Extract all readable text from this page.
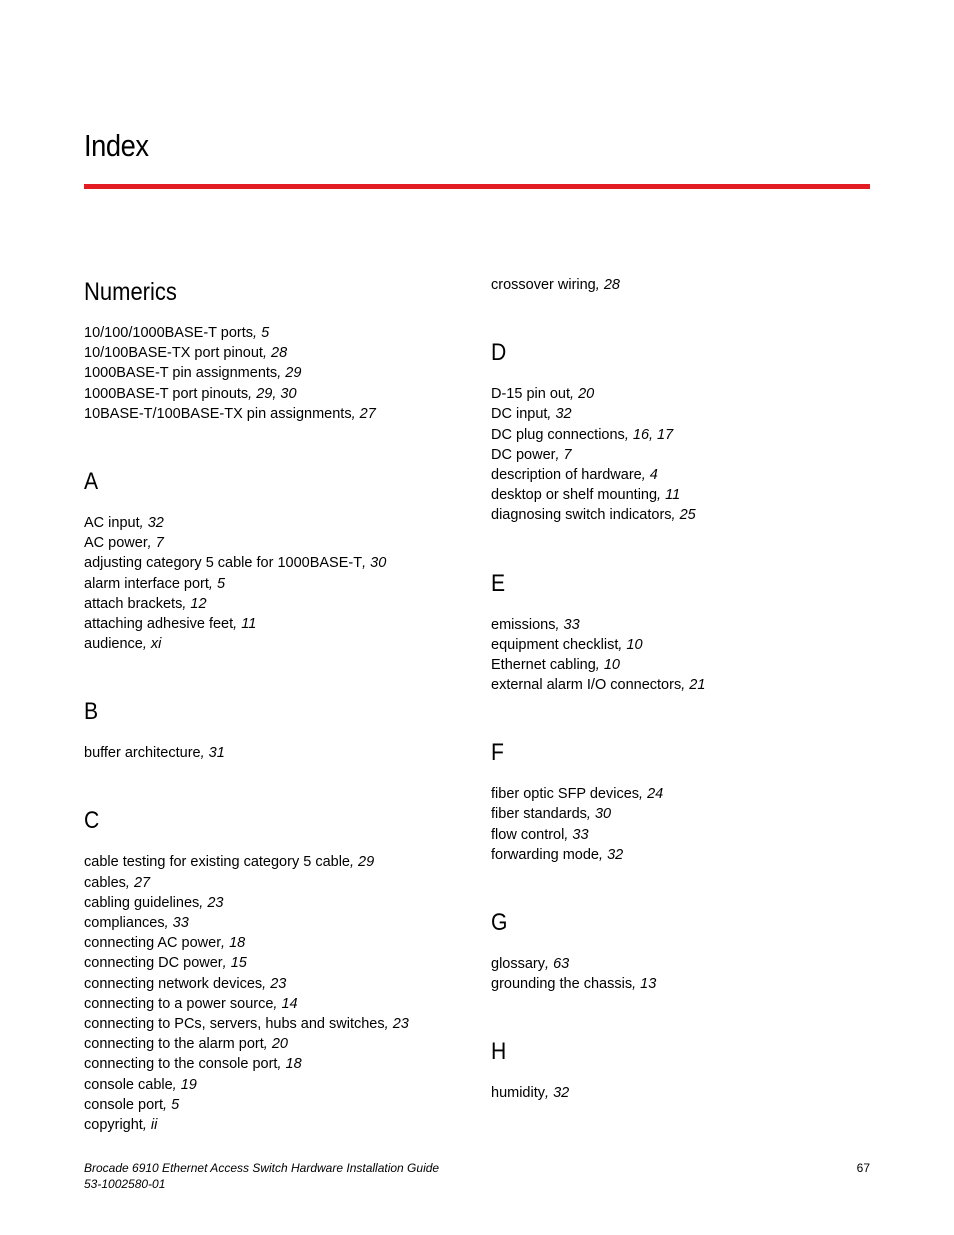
Index
Numerics
10/100/1000BASE-T ports, 5
10/100BASE-TX port pinout, 28
1000BASE-T pin assignments, 29
1000BASE-T port pinouts, 29, 30
10BASE-T/100BASE-TX pin assignments, 27
A
AC input, 32
AC power, 7
adjusting category 5 cable for 1000BASE-T, 30
alarm interface port, 5
attach brackets, 12
attaching adhesive feet, 11
audience, xi
B
buffer architecture, 31
C
cable testing for existing category 5 cable, 29
cables, 27
cabling guidelines, 23
compliances, 33
connecting AC power, 18
connecting DC power, 15
connecting network devices, 23
connecting to a power source, 14
connecting to PCs, servers, hubs and switches, 23
connecting to the alarm port, 20
connecting to the console port, 18
console cable, 19
console port, 5
copyright, ii
crossover wiring, 28
D
D-15 pin out, 20
DC input, 32
DC plug connections, 16, 17
DC power, 7
description of hardware, 4
desktop or shelf mounting, 11
diagnosing switch indicators, 25
E
emissions, 33
equipment checklist, 10
Ethernet cabling, 10
external alarm I/O connectors, 21
F
fiber optic SFP devices, 24
fiber standards, 30
flow control, 33
forwarding mode, 32
G
glossary, 63
grounding the chassis, 13
H
humidity, 32
Brocade 6910 Ethernet Access Switch Hardware Installation Guide
53-1002580-01
67
